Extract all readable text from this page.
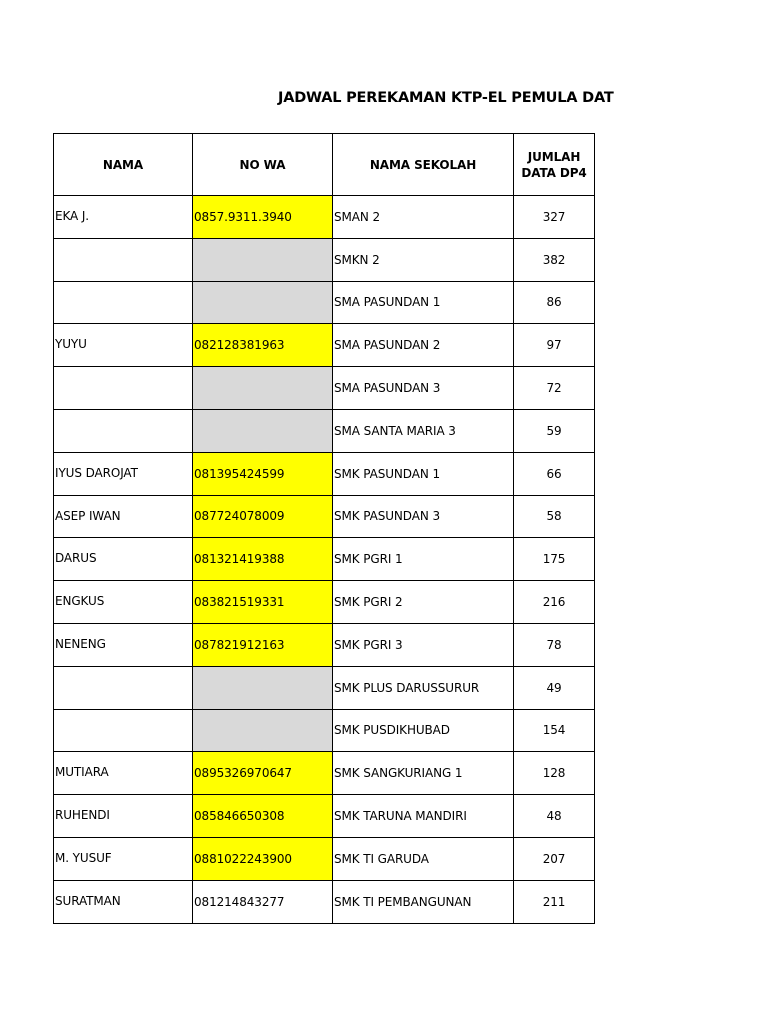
JADWAL PEREKAMAN KTP-EL PEMULA DAT
NAMA	NO WA	NAMA SEKOLAH	JUMLAH
DATA DP4
EKA J.	0857.9311.3940	SMAN 2	327
		SMKN 2	382
		SMA PASUNDAN 1	86
YUYU	082128381963	SMA PASUNDAN 2	97
		SMA PASUNDAN 3	72
		SMA SANTA MARIA 3	59
IYUS DAROJAT	081395424599	SMK PASUNDAN 1	66
ASEP IWAN	087724078009	SMK PASUNDAN 3	58
DARUS	081321419388	SMK PGRI 1	175
ENGKUS	083821519331	SMK PGRI 2	216
NENENG	087821912163	SMK PGRI 3	78
		SMK PLUS DARUSSURUR	49
		SMK PUSDIKHUBAD	154
MUTIARA	0895326970647	SMK SANGKURIANG 1	128
RUHENDI	085846650308	SMK TARUNA MANDIRI	48
M. YUSUF	0881022243900	SMK TI GARUDA	207
SURATMAN	081214843277	SMK TI PEMBANGUNAN	211
